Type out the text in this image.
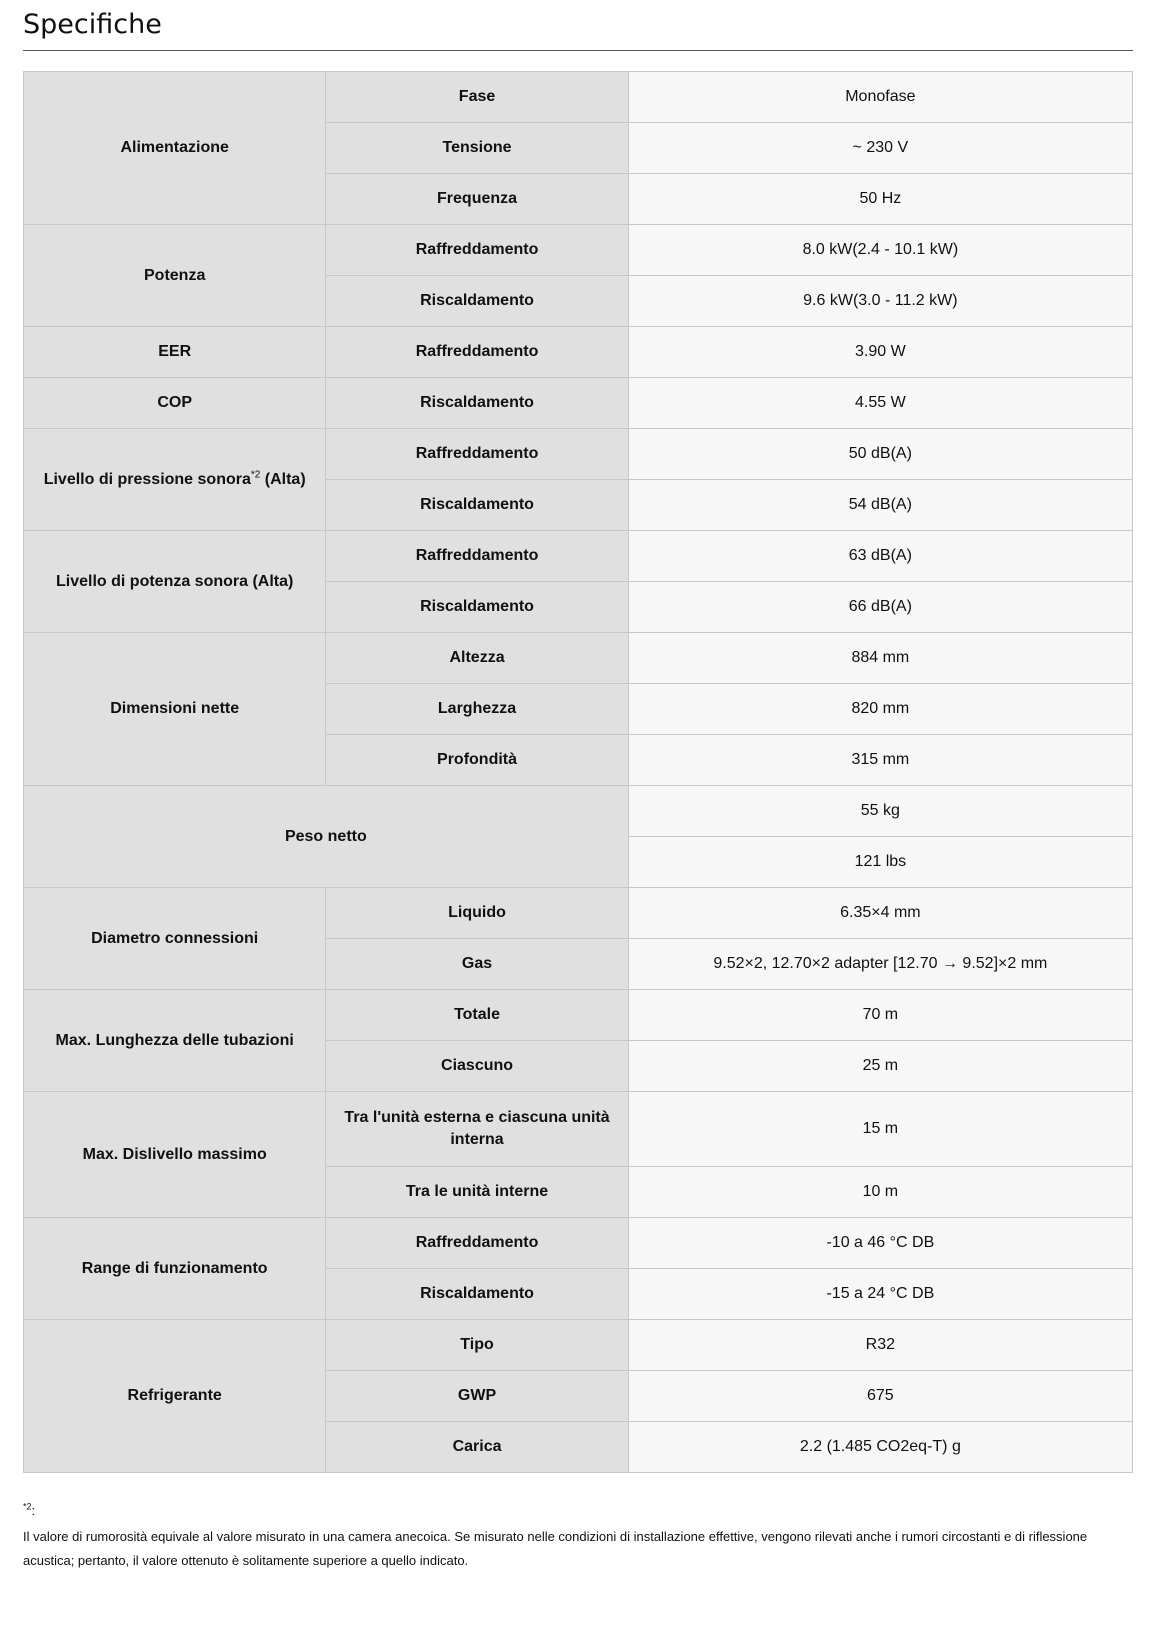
Specifiche
Alimentazione	Fase	Monofase
	Tensione	~ 230 V
	Frequenza	50 Hz
Potenza	Raffreddamento	8.0 kW(2.4 - 10.1 kW)
	Riscaldamento	9.6 kW(3.0 - 11.2 kW)
EER	Raffreddamento	3.90 W
COP	Riscaldamento	4.55 W
Livello di pressione sonora$^{*2}$ (Alta)	Raffreddamento	50 dB(A)
	Riscaldamento	54 dB(A)
Livello di potenza sonora (Alta)	Raffreddamento	63 dB(A)
	Riscaldamento	66 dB(A)
Dimensioni nette	Altezza	884 mm
	Larghezza	820 mm
	Profondità	315 mm
Peso netto		55 kg
		121 lbs
Diametro connessioni	Liquido	6.35×4 mm
	Gas	9.52×2, 12.70×2 adapter [12.70 → 9.52]×2 mm
Max. Lunghezza delle tubazioni	Totale	70 m
	Ciascuno	25 m
Max. Dislivello massimo	Tra l'unità esterna e ciascuna unità interna	15 m
	Tra le unità interne	10 m
Range di funzionamento	Raffreddamento	-10 a 46 °C DB
	Riscaldamento	-15 a 24 °C DB
Refrigerante	Tipo	R32
	GWP	675
	Carica	2.2 (1.485 CO2eq-T) g
$^{*2}$:
Il valore di rumorosità equivale al valore misurato in una camera anecoica. Se misurato nelle condizioni di installazione effettive, vengono rilevati anche i rumori circostanti e di riflessione acustica; pertanto, il valore ottenuto è solitamente superiore a quello indicato.
